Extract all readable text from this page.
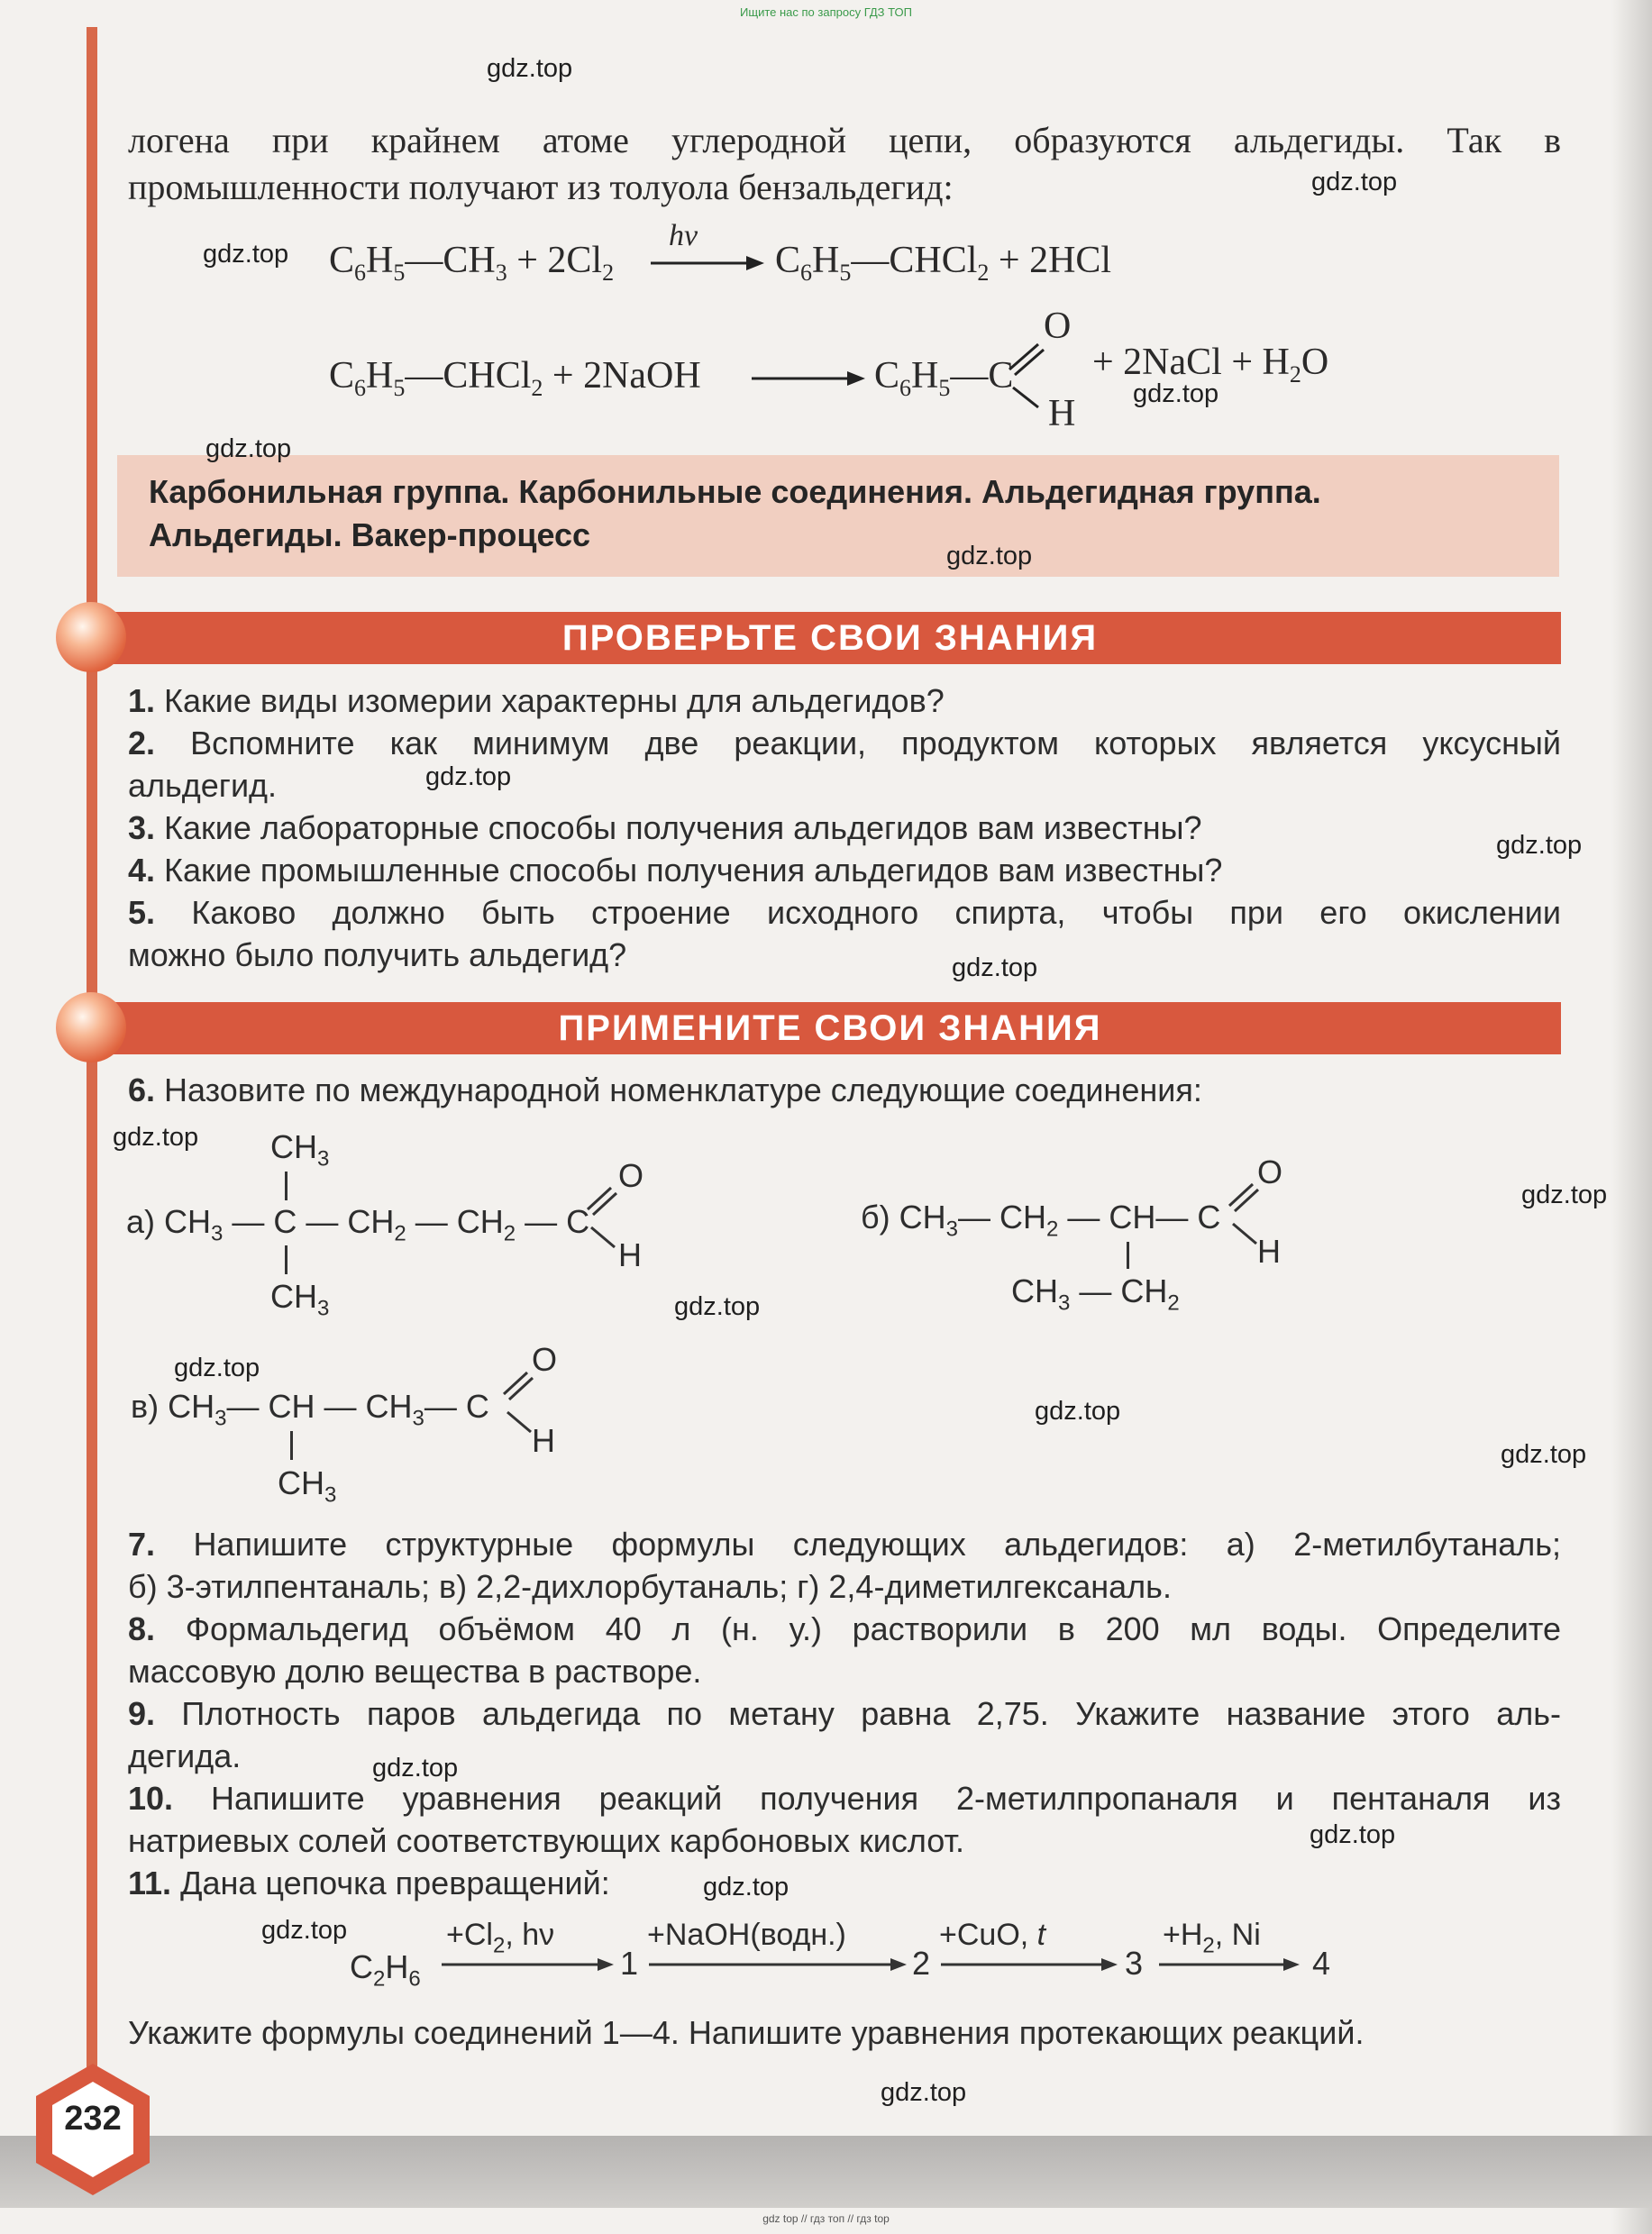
Ищите нас по запросу ГДЗ ТОП
gdz top // гдз топ // гдз top
232
логена при крайнем атоме углеродной цепи, образуются альдегиды. Так в
промышленности получают из толуола бензальдегид:
$C_6H_5—CH_3 + 2Cl_2$
hν
$C_6H_5—CHCl_2 + 2HCl$
$C_6H_5—CHCl_2$ + 2NaOH	$C_6H_5—C$
O
H
+ 2NaCl + $H_2O$
Карбонильная группа. Карбонильные соединения. Альдегидная группа.
Альдегиды. Вакер-процесс
ПРОВЕРЬТЕ СВОИ ЗНАНИЯ
1. Какие виды изомерии характерны для альдегидов?
2. Вспомните как минимум две реакции, продуктом которых является уксусный
альдегид.
3. Какие лабораторные способы получения альдегидов вам известны?
4. Какие промышленные способы получения альдегидов вам известны?
5. Каково должно быть строение исходного спирта, чтобы при его окислении
можно было получить альдегид?
ПРИМЕНИТЕ СВОИ ЗНАНИЯ
6. Назовите по международной номенклатуре следующие соединения:
$CH_3$
а) $CH_3$ — C — $CH_2$ — $CH_2$ — C
$CH_3$
O
H
б) $CH_3—$ $CH_2$ — CH— C
$CH_3$ — $CH_2$
O
H
в) $CH_3—$ CH — $CH_3—$ C
$CH_3$
O
H
7. Напишите структурные формулы следующих альдегидов: а) 2-метилбутаналь;
б) 3-этилпентаналь; в) 2,2-дихлорбутаналь; г) 2,4-диметилгексаналь.
8. Формальдегид объёмом 40 л (н. у.) растворили в 200 мл воды. Определите
массовую долю вещества в растворе.
9. Плотность паров альдегида по метану равна 2,75. Укажите название этого аль-
дегида.
10. Напишите уравнения реакций получения 2-метилпропаналя и пентаналя из
натриевых солей соответствующих карбоновых кислот.
11. Дана цепочка превращений:
$C_2H_6$
$+Cl_2$, hν
1
+NaOH(водн.)
2
+CuO, t
3
$+H_2$, Ni
4
Укажите формулы соединений 1—4. Напишите уравнения протекающих реакций.
gdz.top
gdz.top
gdz.top
gdz.top
gdz.top
gdz.top
gdz.top
gdz.top
gdz.top
gdz.top
gdz.top
gdz.top
gdz.top
gdz.top
gdz.top
gdz.top
gdz.top
gdz.top
gdz.top
gdz.top
